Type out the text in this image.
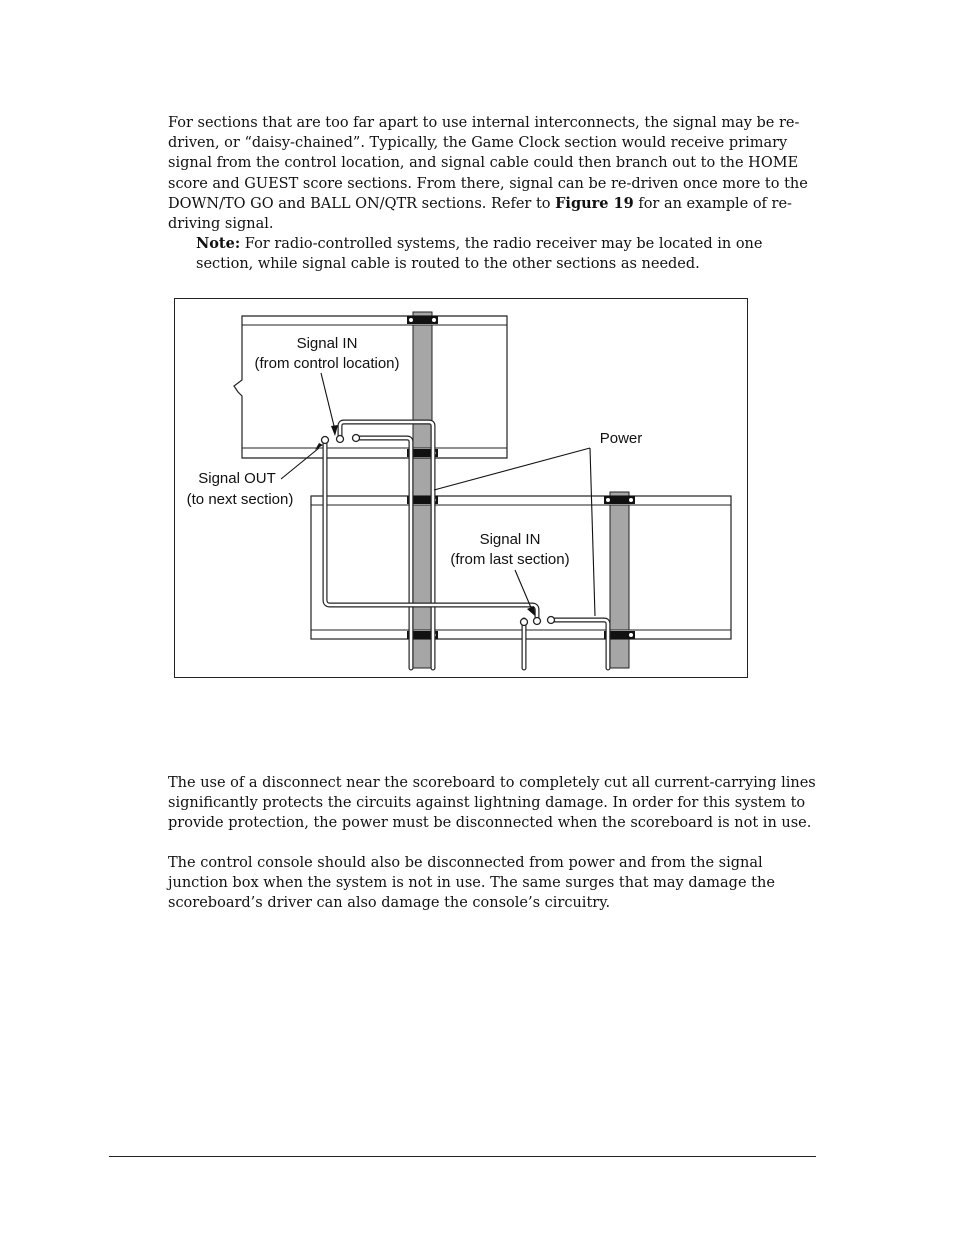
For sections that are too far apart to use internal interconnects, the signal may be re-driven, or “daisy-chained”. Typically, the Game Clock section would receive primary signal from the control location, and signal cable could then branch out to the HOME score and GUEST score sections. From there, signal can be re-driven once more to the DOWN/TO GO and BALL ON/QTR sections. Refer to Figure 19 for an example of re-driving signal.

Note: For radio-controlled systems, the radio receiver may be located in one section, while signal cable is routed to the other sections as needed.

Signal IN
(from control location)
Signal OUT
(to next section)
Power
Signal IN
(from last section)

The use of a disconnect near the scoreboard to completely cut all current-carrying lines significantly protects the circuits against lightning damage. In order for this system to provide protection, the power must be disconnected when the scoreboard is not in use.

The control console should also be disconnected from power and from the signal junction box when the system is not in use. The same surges that may damage the scoreboard’s driver can also damage the console’s circuitry.
